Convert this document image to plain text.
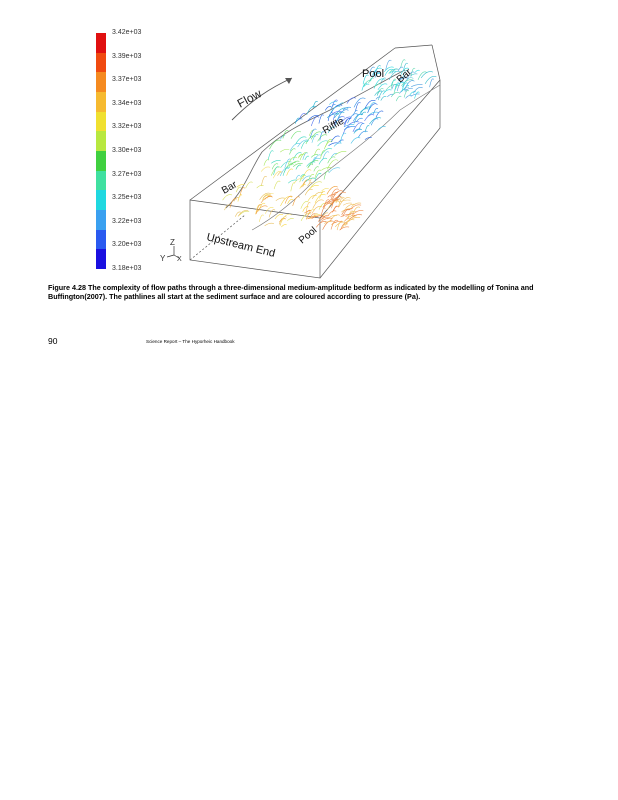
3.42e+03
3.39e+03
3.37e+03
3.34e+03
3.32e+03
3.30e+03
3.27e+03
3.25e+03
3.22e+03
3.20e+03
3.18e+03
Flow
Pool Bar
Riffle
Bar
Upstream End Pool
Z
Y X
Figure 4.28 The complexity of flow paths through a three-dimensional medium-amplitude bedform as indicated by the modelling of Tonina and Buffington(2007). The pathlines all start at the sediment surface and are coloured according to pressure (Pa).
90	Science Report – The Hyporheic Handbook
